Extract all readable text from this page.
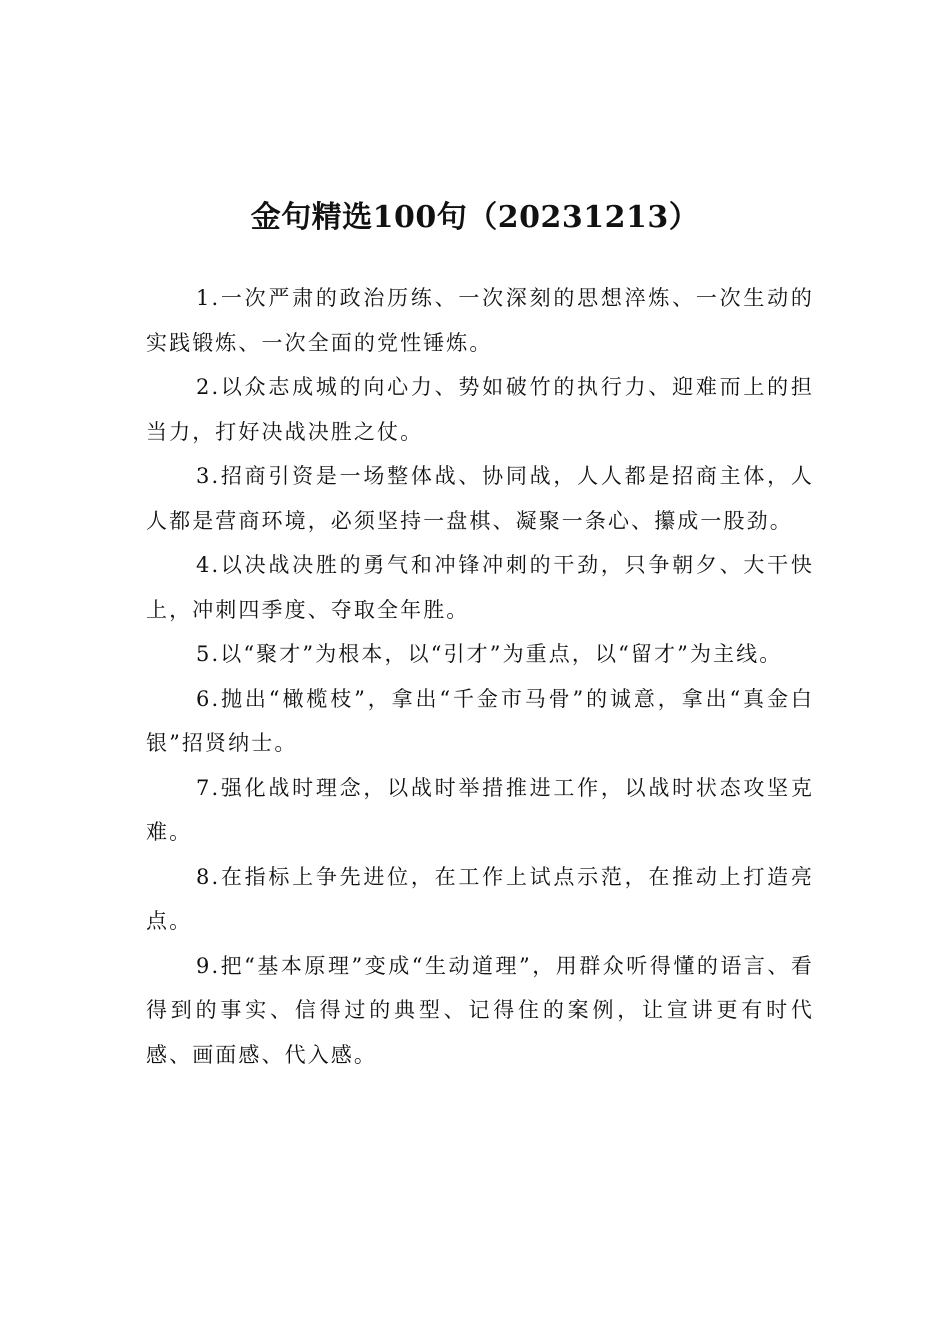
金句精选100句（20231213）

1.一次严肃的政治历练、一次深刻的思想淬炼、一次生动的实践锻炼、一次全面的党性锤炼。

2.以众志成城的向心力、势如破竹的执行力、迎难而上的担当力，打好决战决胜之仗。

3.招商引资是一场整体战、协同战，人人都是招商主体，人人都是营商环境，必须坚持一盘棋、凝聚一条心、攥成一股劲。

4.以决战决胜的勇气和冲锋冲刺的干劲，只争朝夕、大干快上，冲刺四季度、夺取全年胜。

5.以“聚才”为根本，以“引才”为重点，以“留才”为主线。

6.抛出“橄榄枝”，拿出“千金市马骨”的诚意，拿出“真金白银”招贤纳士。

7.强化战时理念，以战时举措推进工作，以战时状态攻坚克难。

8.在指标上争先进位，在工作上试点示范，在推动上打造亮点。

9.把“基本原理”变成“生动道理”，用群众听得懂的语言、看得到的事实、信得过的典型、记得住的案例，让宣讲更有时代感、画面感、代入感。
